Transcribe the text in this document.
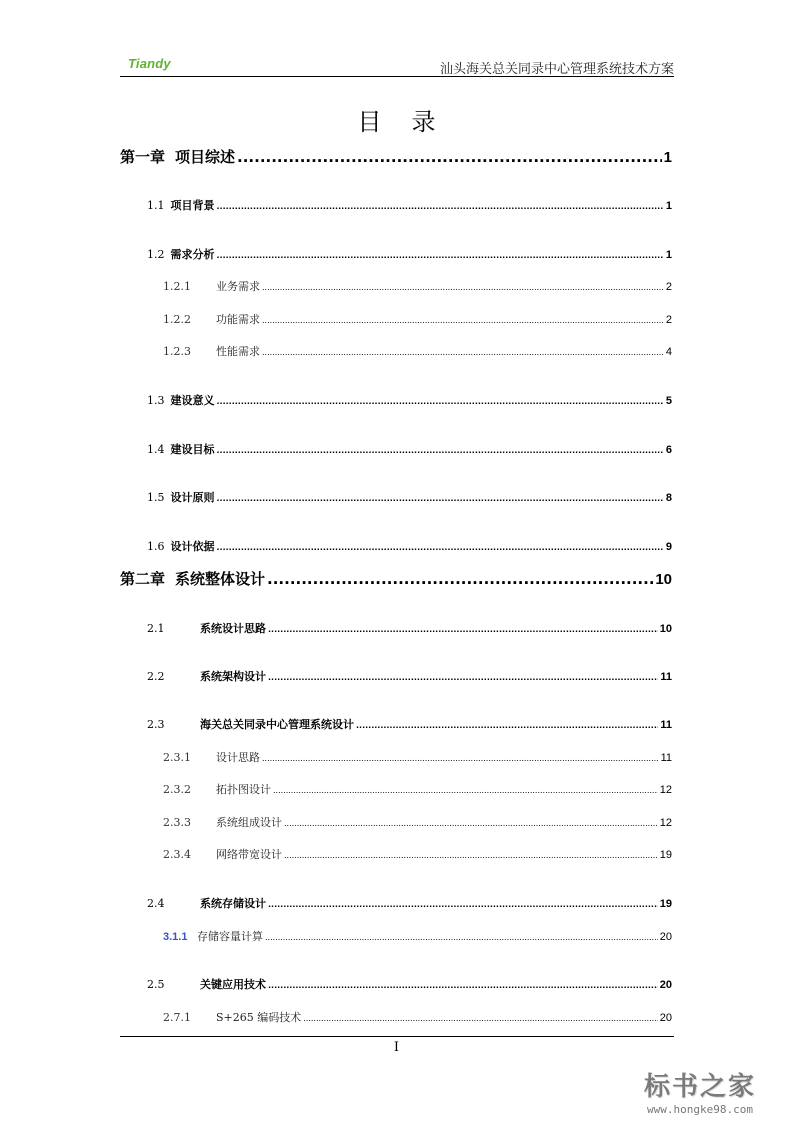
Tiandy	汕头海关总关同录中心管理系统技术方案
目录
第一章 项目综述 .....	1
1.1 项目背景 .....	1
1.2 需求分析 .....	1
1.2.1	业务需求 .....	2
1.2.2	功能需求 .....	2
1.2.3	性能需求 .....	4
1.3 建设意义 .....	5
1.4 建设目标 .....	6
1.5 设计原则 .....	8
1.6 设计依据 .....	9
第二章 系统整体设计 .....	10
2.1	系统设计思路 .....	10
2.2	系统架构设计 .....	11
2.3	海关总关同录中心管理系统设计 .....	11
2.3.1	设计思路 .....	11
2.3.2	拓扑图设计 .....	12
2.3.3	系统组成设计 .....	12
2.3.4	网络带宽设计 .....	19
2.4	系统存储设计 .....	19
3.1.1 存储容量计算 .....	20
2.5	关键应用技术 .....	20
2.7.1	S+265 编码技术 .....	20
I
标书之家
www.hongke98.com
